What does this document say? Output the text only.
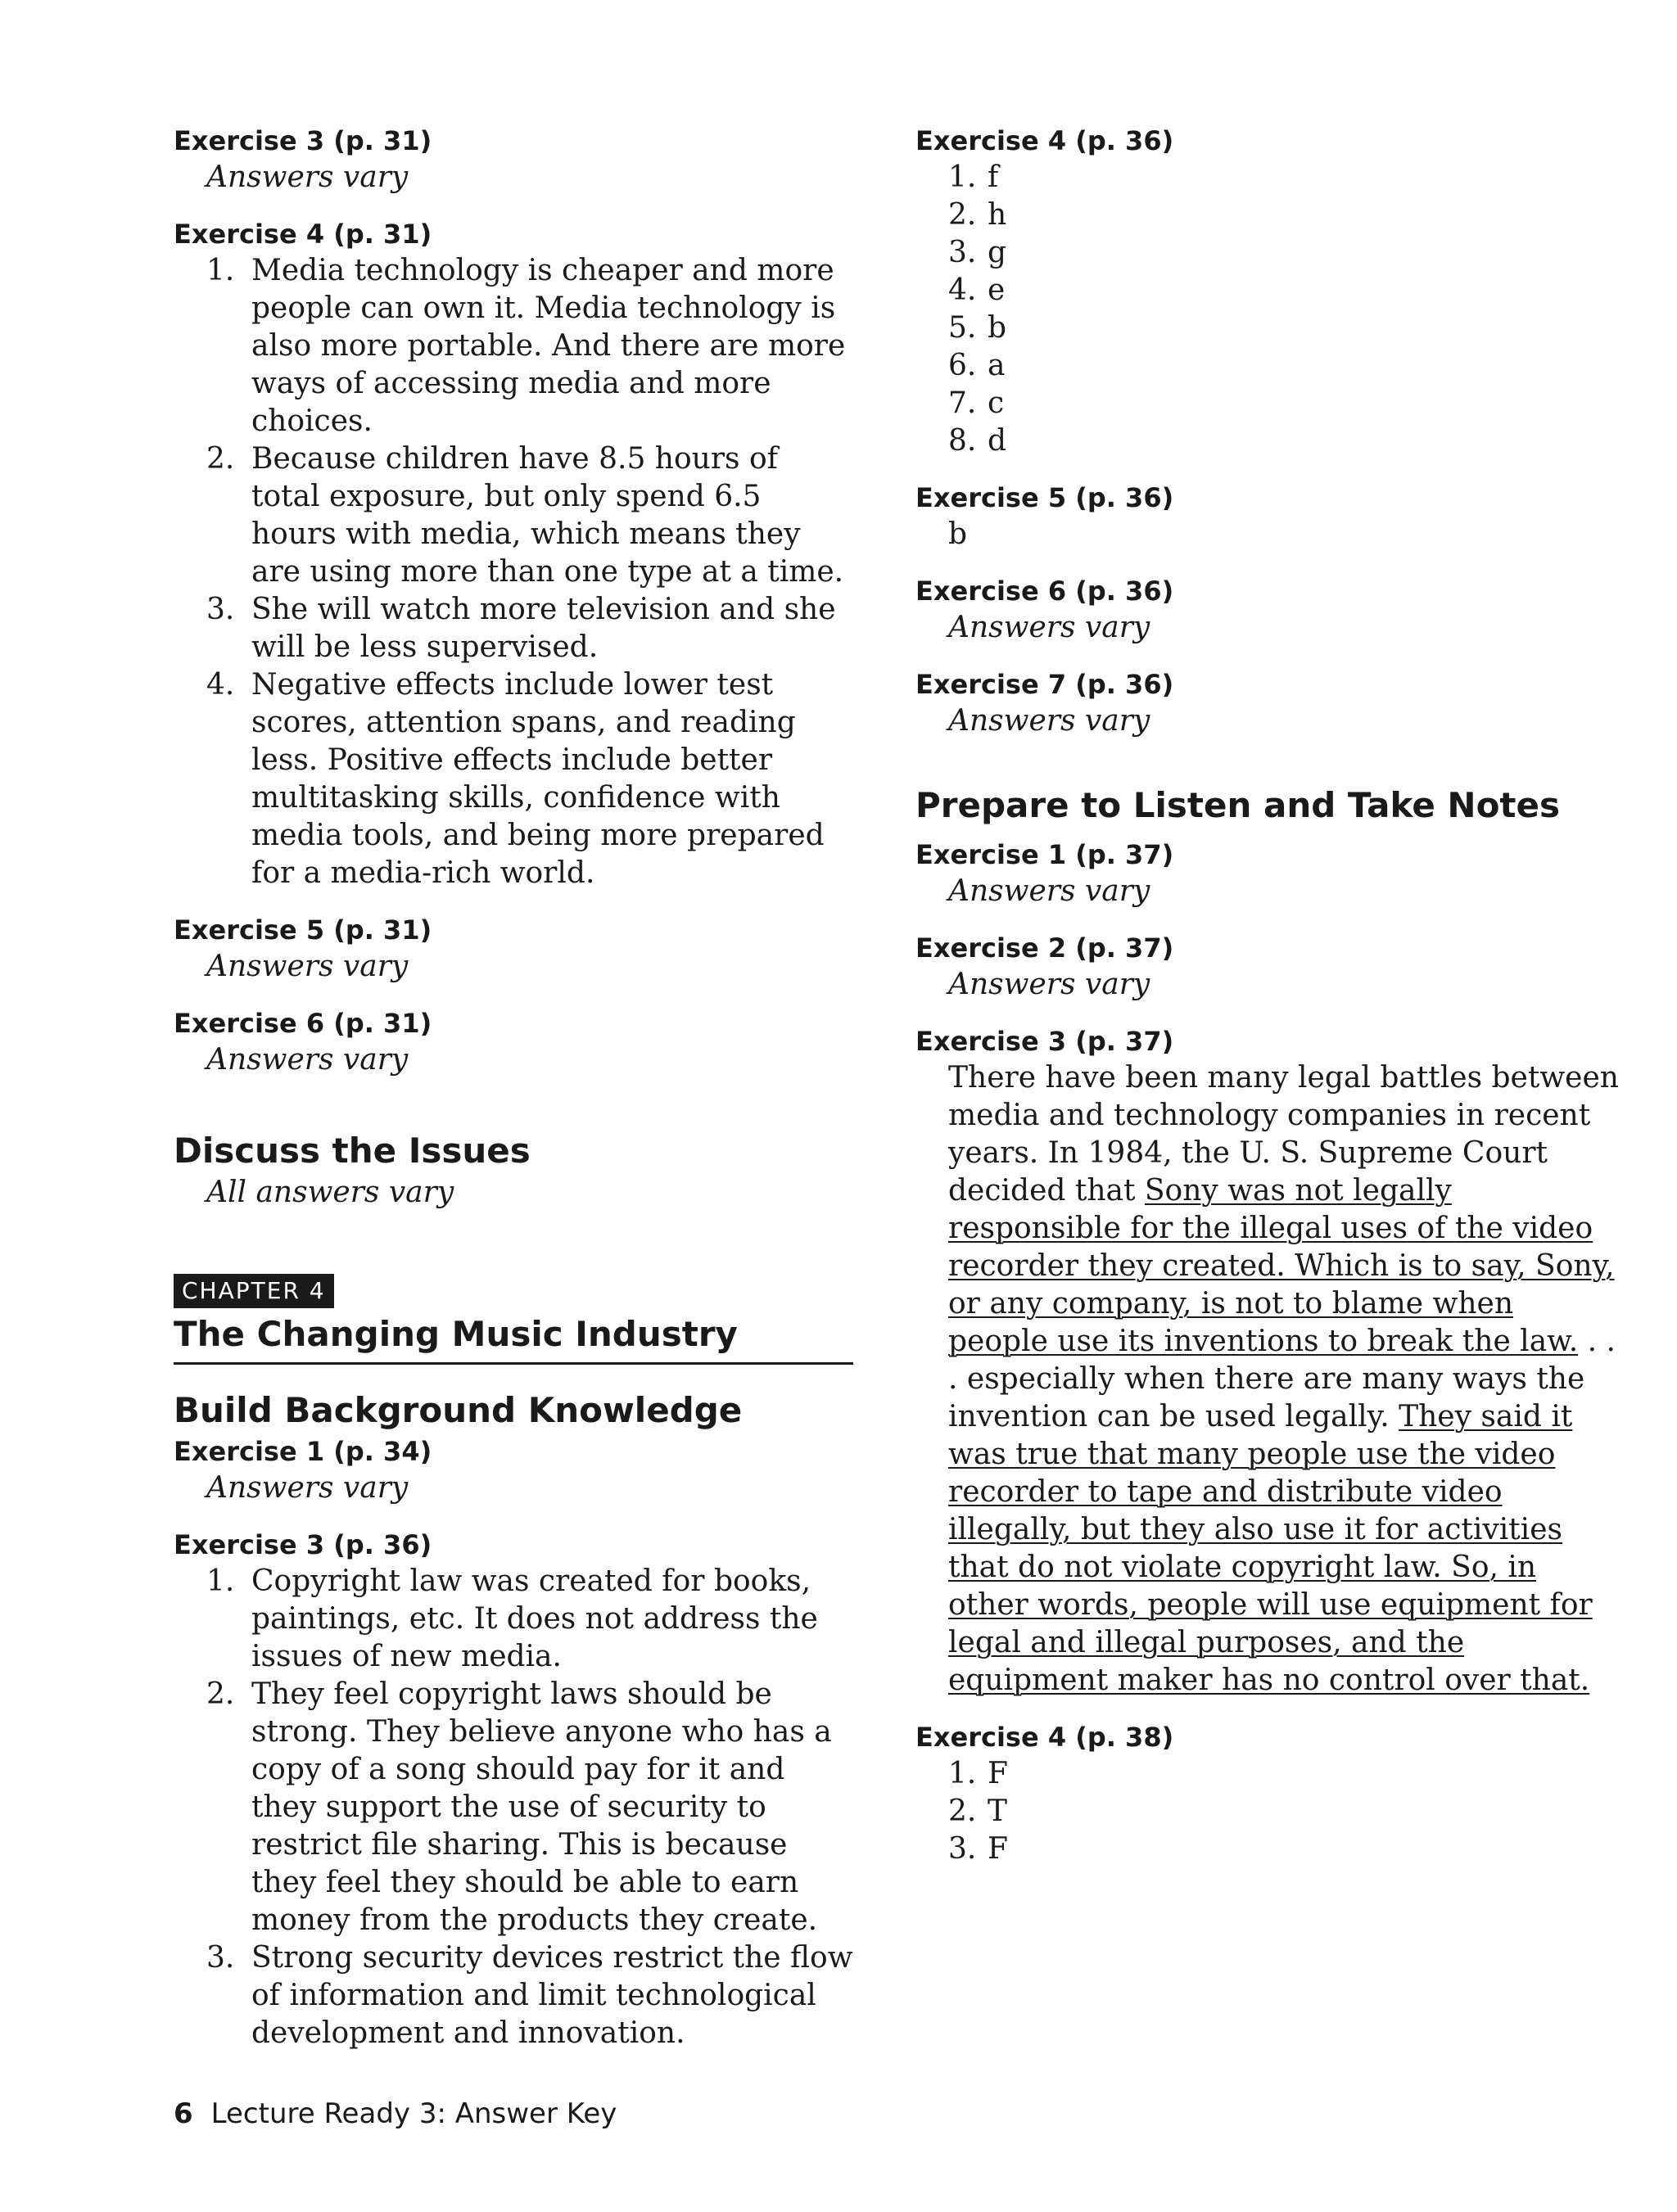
Exercise 3 (p. 31)

Answers vary

Exercise 4 (p. 31)

1. Media technology is cheaper and more people can own it. Media technology is also more portable. And there are more ways of accessing media and more choices.
2. Because children have 8.5 hours of total exposure, but only spend 6.5 hours with media, which means they are using more than one type at a time.
3. She will watch more television and she will be less supervised.
4. Negative effects include lower test scores, attention spans, and reading less. Positive effects include better multitasking skills, confidence with media tools, and being more prepared for a media-rich world.

Exercise 5 (p. 31)

Answers vary

Exercise 6 (p. 31)

Answers vary

Discuss the Issues

All answers vary

CHAPTER 4

The Changing Music Industry

Build Background Knowledge

Exercise 1 (p. 34)

Answers vary

Exercise 3 (p. 36)

1. Copyright law was created for books, paintings, etc. It does not address the issues of new media.
2. They feel copyright laws should be strong. They believe anyone who has a copy of a song should pay for it and they support the use of security to restrict file sharing. This is because they feel they should be able to earn money from the products they create.
3. Strong security devices restrict the flow of information and limit technological development and innovation.

Exercise 4 (p. 36)

1. f
2. h
3. g
4. e
5. b
6. a
7. c
8. d

Exercise 5 (p. 36)

b

Exercise 6 (p. 36)

Answers vary

Exercise 7 (p. 36)

Answers vary

Prepare to Listen and Take Notes

Exercise 1 (p. 37)

Answers vary

Exercise 2 (p. 37)

Answers vary

Exercise 3 (p. 37)

There have been many legal battles between media and technology companies in recent years. In 1984, the U. S. Supreme Court decided that Sony was not legally responsible for the illegal uses of the video recorder they created. Which is to say, Sony, or any company, is not to blame when people use its inventions to break the law. . . . especially when there are many ways the invention can be used legally. They said it was true that many people use the video recorder to tape and distribute video illegally, but they also use it for activities that do not violate copyright law. So, in other words, people will use equipment for legal and illegal purposes, and the equipment maker has no control over that.

Exercise 4 (p. 38)

1. F
2. T
3. F
6 Lecture Ready 3: Answer Key
